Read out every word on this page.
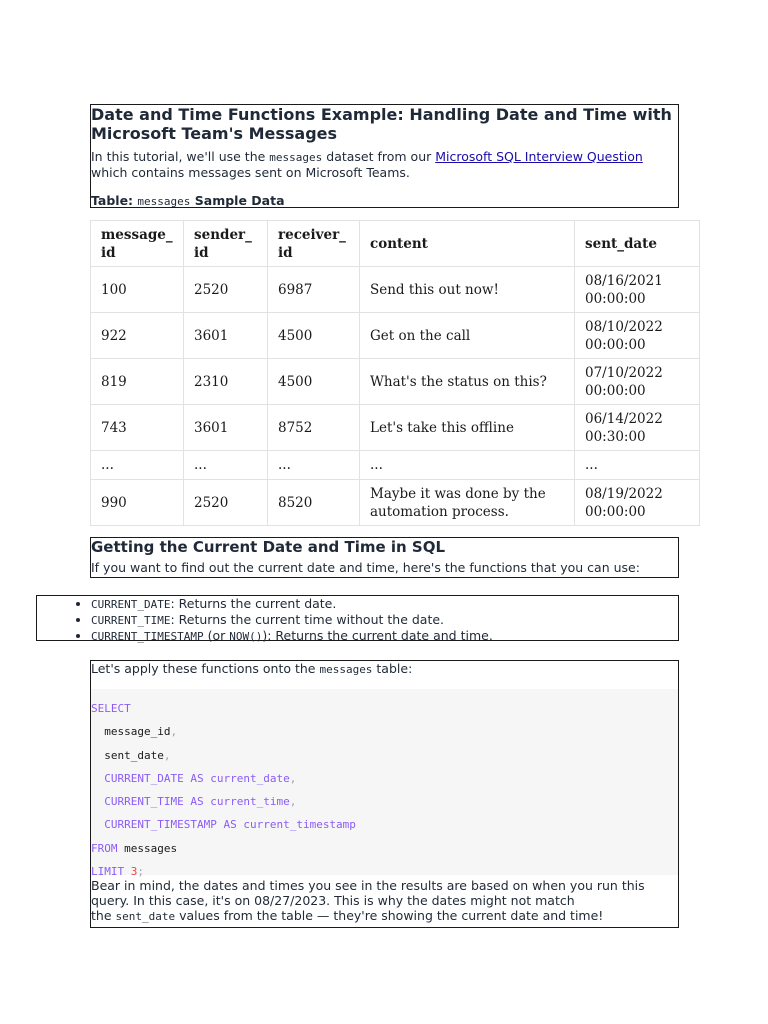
Date and Time Functions Example: Handling Date and Time with Microsoft Team's Messages

In this tutorial, we'll use the messages dataset from our Microsoft SQL Interview Question which contains messages sent on Microsoft Teams.

Table: messages Sample Data

message_id	sender_id	receiver_id	content	sent_date
100	2520	6987	Send this out now!	08/16/2021 00:00:00
922	3601	4500	Get on the call	08/10/2022 00:00:00
819	2310	4500	What's the status on this?	07/10/2022 00:00:00
743	3601	8752	Let's take this offline	06/14/2022 00:30:00
...	...	...	...	...
990	2520	8520	Maybe it was done by the automation process.	08/19/2022 00:00:00
Getting the Current Date and Time in SQL

If you want to find out the current date and time, here's the functions that you can use:

• CURRENT_DATE: Returns the current date.
• CURRENT_TIME: Returns the current time without the date.
• CURRENT_TIMESTAMP (or NOW()): Returns the current date and time.

Let's apply these functions onto the messages table:

SELECT
message_id,
sent_date,
CURRENT_DATE AS current_date,
CURRENT_TIME AS current_time,
CURRENT_TIMESTAMP AS current_timestamp
FROM messages
LIMIT 3;

Bear in mind, the dates and times you see in the results are based on when you run this query. In this case, it's on 08/27/2023. This is why the dates might not match
the sent_date values from the table — they're showing the current date and time!
